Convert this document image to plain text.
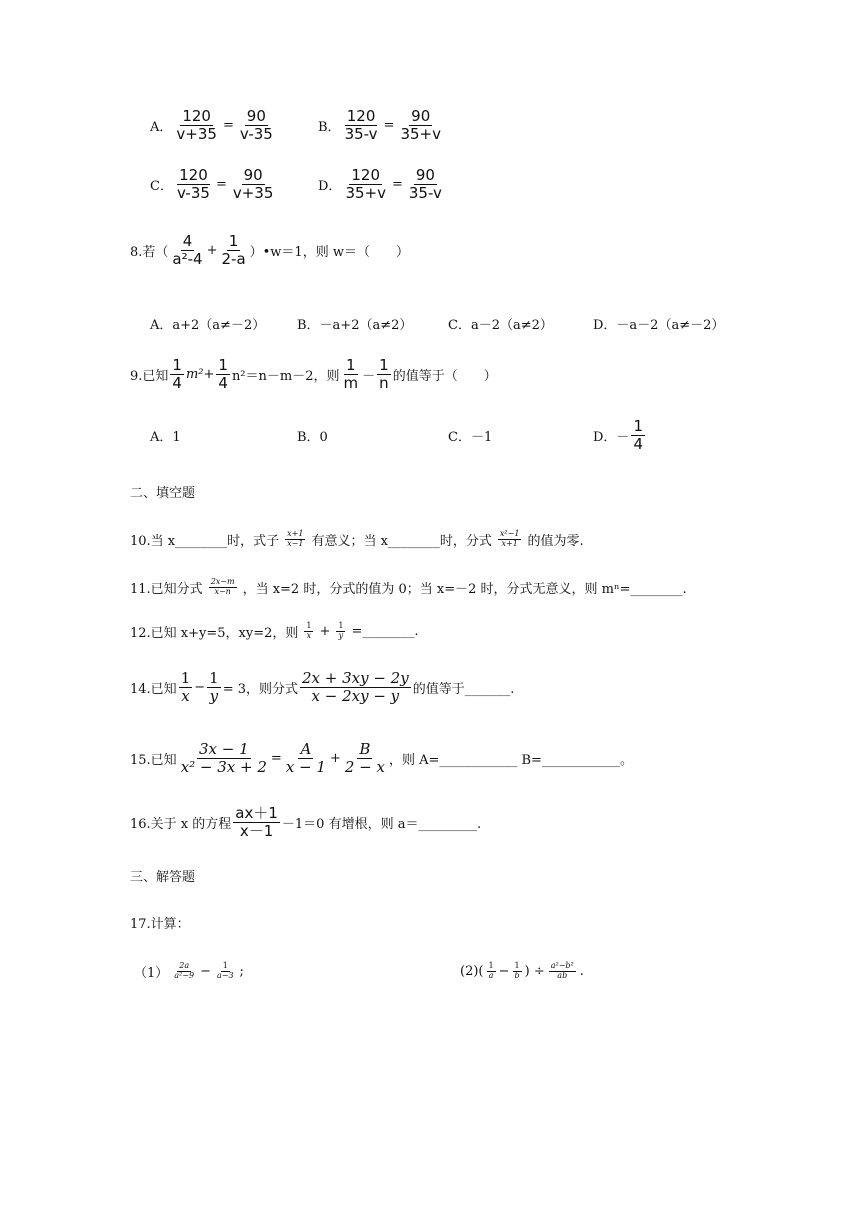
A． $\frac{120}{v+35} = \frac{90}{v-35}$	B． $\frac{120}{35-v} = \frac{90}{35+v}$
C． $\frac{120}{v-35} = \frac{90}{v+35}$	D． $\frac{120}{35+v} = \frac{90}{35-v}$
8.若（ $\frac{4}{\text{a²-4}} + \frac{1}{2-a}$ ）•w＝1，则 w＝（　　）
A．a+2（a≠－2） B．－a+2（a≠2）	C．a－2（a≠2）	D．－a－2（a≠－2）
9.已知 $\frac{1}{4} m^2+ \frac{1}{4} n^2=n-m-2$，则 $\frac{1}{m} - \frac{1}{n}$ 的值等于（　　）
A．1	B．0	C．－1	D．－ $\frac{1}{4}$
二、填空题
10.当 x________时，式子 $\frac{x+1}{x-1}$ 有意义；当 x________时，分式 $\frac{\text{x²−1}}{x+1}$ 的值为零.
11.已知分式 $\frac{2x-m}{x-n}$ ，当 x=2 时，分式的值为 0；当 x=－2 时，分式无意义，则 mⁿ=________.
12.已知 x+y=5，xy=2，则 $\frac{1}{x} + \frac{1}{y}$ =________.
14.已知 $\frac{1}{x} - \frac{1}{y} = 3$，则分式 $\frac{2x + 3xy - 2y}{x - 2xy - y}$ 的值等于_______.
15.已知 $\frac{3x - 1}{\text{x² − 3x + 2}} = \frac{A}{x - 1} + \frac{B}{2 - x}$ ，则 A=____________ B=____________。
16.关于 x 的方程 $\frac{ax+1}{x-1} -1=0$ 有增根，则 a＝_________.
三、解答题
17.计算：
$(1) \frac{2a}{\text{a²−9}} - \frac{1}{a-3}$ ;	$(2)( \frac{1}{a} - \frac{1}{b}$ ) ÷ $\frac{\text{a²−b²}}{ab}$ .
